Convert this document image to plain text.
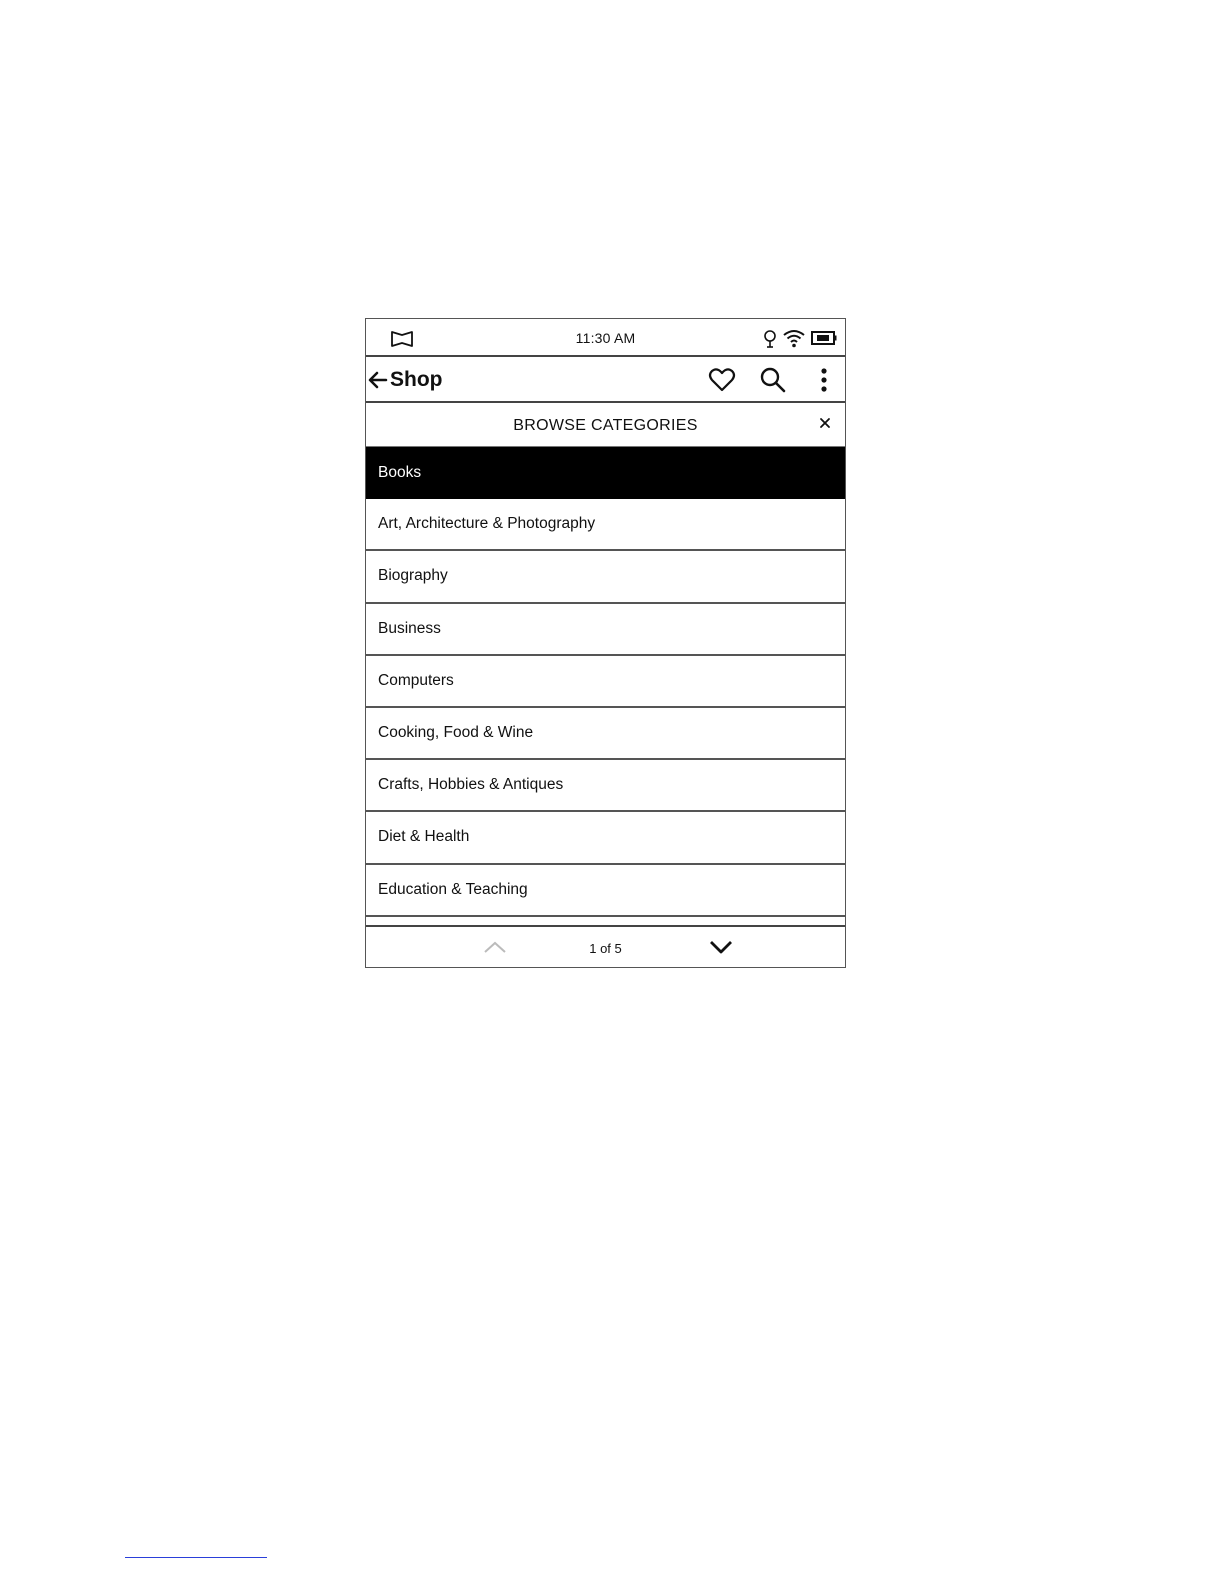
11:30 AM
Shop
BROWSE CATEGORIES
Books
Art, Architecture & Photography
Biography
Business
Computers
Cooking, Food & Wine
Crafts, Hobbies & Antiques
Diet & Health
Education & Teaching
1 of 5
